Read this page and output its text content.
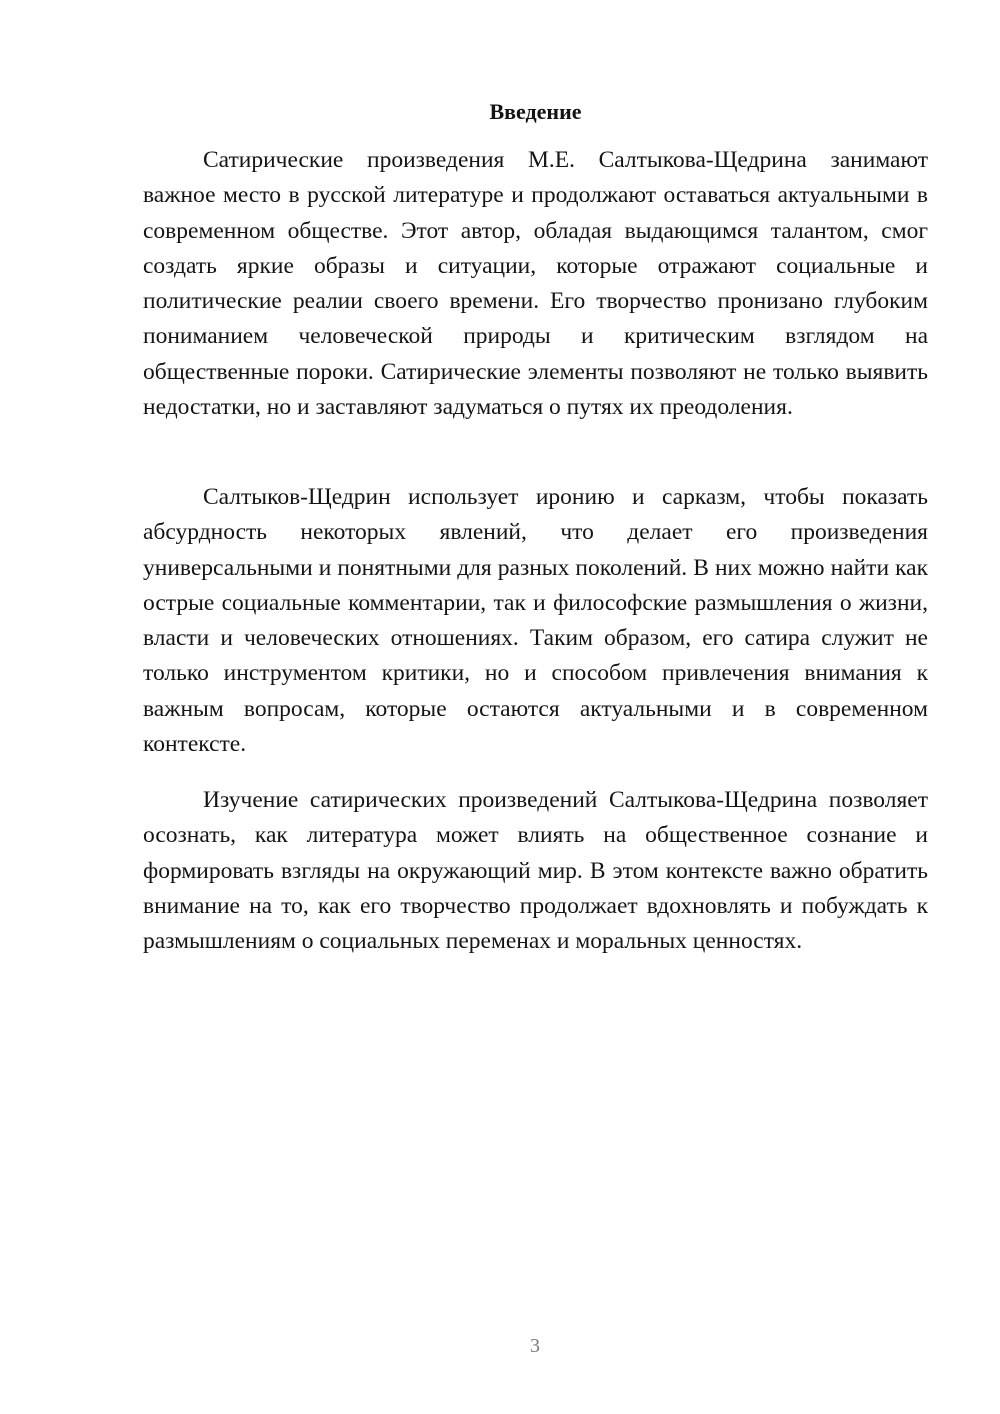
Введение

Сатирические произведения М.Е. Салтыкова-Щедрина занимают важное место в русской литературе и продолжают оставаться актуальными в современном обществе. Этот автор, обладая выдающимся талантом, смог создать яркие образы и ситуации, которые отражают социальные и политические реалии своего времени. Его творчество пронизано глубоким пониманием человеческой природы и критическим взглядом на общественные пороки. Сатирические элементы позволяют не только выявить недостатки, но и заставляют задуматься о путях их преодоления.

Салтыков-Щедрин использует иронию и сарказм, чтобы показать абсурдность некоторых явлений, что делает его произведения универсальными и понятными для разных поколений. В них можно найти как острые социальные комментарии, так и философские размышления о жизни, власти и человеческих отношениях. Таким образом, его сатира служит не только инструментом критики, но и способом привлечения внимания к важным вопросам, которые остаются актуальными и в современном контексте.

Изучение сатирических произведений Салтыкова-Щедрина позволяет осознать, как литература может влиять на общественное сознание и формировать взгляды на окружающий мир. В этом контексте важно обратить внимание на то, как его творчество продолжает вдохновлять и побуждать к размышлениям о социальных переменах и моральных ценностях.

3
